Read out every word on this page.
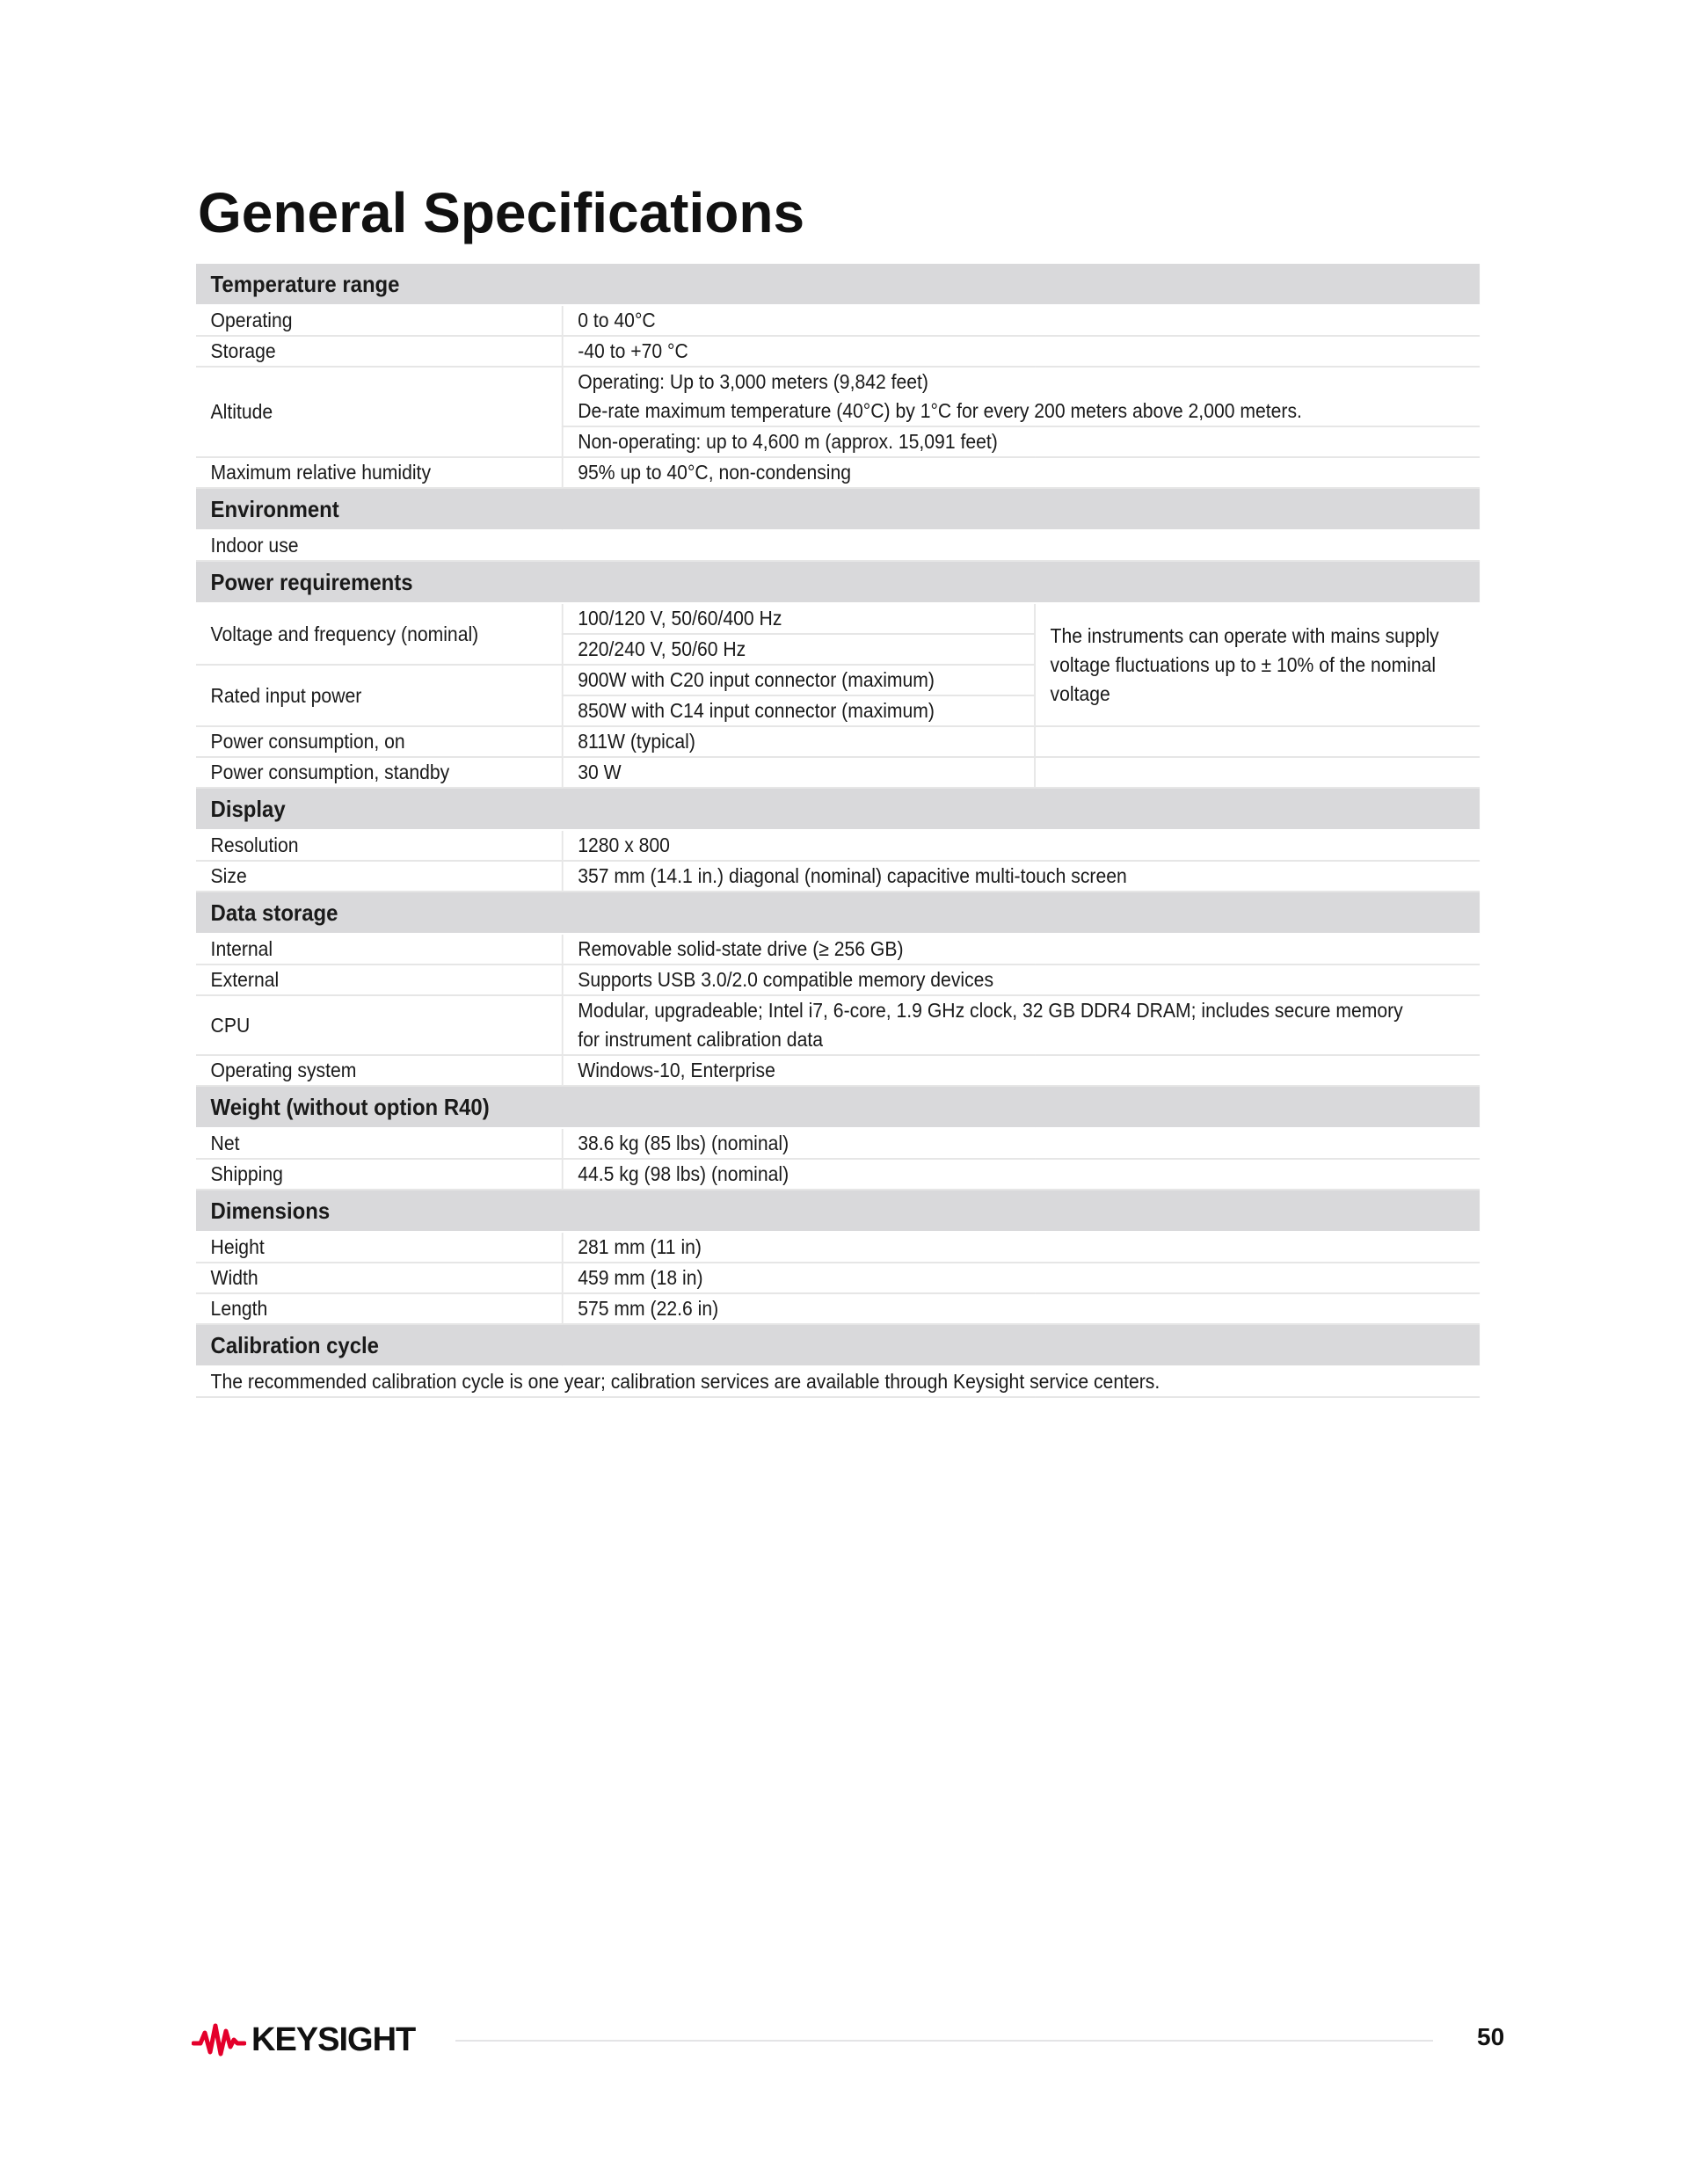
General Specifications
Temperature range		
Operating	0 to 40°C	
Storage	-40 to +70 °C	
Altitude	Operating: Up to 3,000 meters (9,842 feet)
De-rate maximum temperature (40°C) by 1°C for every 200 meters above 2,000 meters.	

	Non-operating: up to 4,600 m (approx. 15,091 feet)	
Maximum relative humidity	95% up to 40°C, non-condensing	
Environment		
Indoor use		
Power requirements		
Voltage and frequency (nominal)	100/120 V, 50/60/400 Hz	The instruments can operate with mains supply voltage fluctuations up to ± 10% of the nominal voltage
	220/240 V, 50/60 Hz	
Rated input power	900W with C20 input connector (maximum)	
	850W with C14 input connector (maximum)	
Power consumption, on	811W (typical)	
Power consumption, standby	30 W	
Display		
Resolution	1280 x 800	
Size	357 mm (14.1 in.) diagonal (nominal) capacitive multi-touch screen	
Data storage		
Internal	Removable solid-state drive (≥ 256 GB)	
External	Supports USB 3.0/2.0 compatible memory devices	
CPU	Modular, upgradeable; Intel i7, 6-core, 1.9 GHz clock, 32 GB DDR4 DRAM; includes secure memory
for instrument calibration data	

Operating system	Windows-10, Enterprise	
Weight (without option R40)		
Net	38.6 kg (85 lbs) (nominal)	
Shipping	44.5 kg (98 lbs) (nominal)	
Dimensions		
Height	281 mm (11 in)	
Width	459 mm (18 in)	
Length	575 mm (22.6 in)	
Calibration cycle		
The recommended calibration cycle is one year; calibration services are available through Keysight service centers.		
KEYSIGHT	50
